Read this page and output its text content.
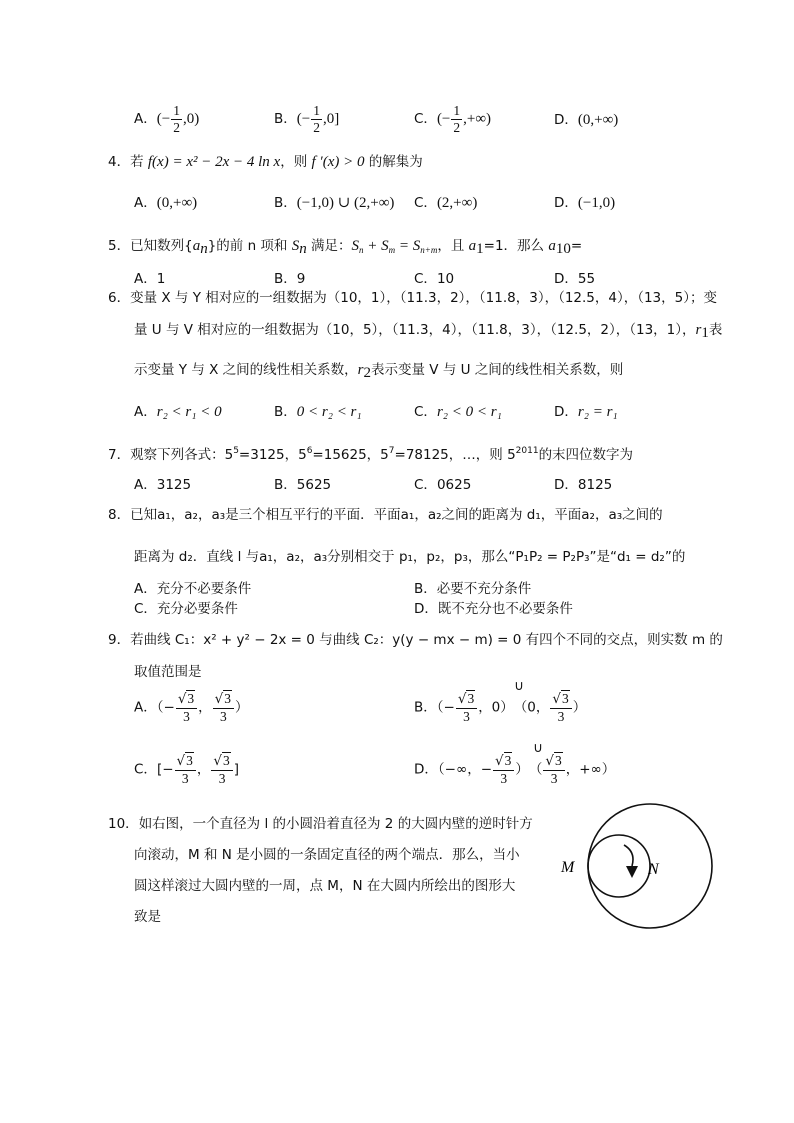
A．(− $\frac{1}{2} ,0$)	B．(− $\frac{1}{2} ,0$]	C．(− $\frac{1}{2}$ ,+∞)	D．(0,+∞)
4．若 f(x) = x² − 2x − 4 ln x，则 f ′(x) > 0 的解集为
A．(0,+∞)	B．(−1,0) ∪ (2,+∞) C．(2,+∞)	D．(−1,0)
5．已知数列$\{a_n\}$的前 n 项和 $S_n$ 满足：$S_n + S_m = S_{n+m}$，且 $a_1=1$．那么 $a_{10}=$
A．1	B．9	C．10	D．55
6．变量 X 与 Y 相对应的一组数据为（10，1），（11.3，2），（11.8，3），（12.5，4），（13，5）；变
量 U 与 V 相对应的一组数据为（10，5），（11.3，4），（11.8，3），（12.5，2），（13，1），$r_1$表
示变量 Y 与 X 之间的线性相关系数，$r_2$表示变量 V 与 U 之间的线性相关系数，则
A．r₂ < r₁ < 0	B．0 < r₂ < r₁	C．r₂ < 0 < r₁	D．r₂ = r₁
7．观察下列各式：$5^5=3125$，$5^6=15625$，$5^7=78125$，…，则 $5^{2011}$的末四位数字为
A．3125	B．5625	C．0625	D．8125
8．已知a₁，a₂，a₃是三个相互平行的平面．平面a₁，a₂之间的距离为 d₁，平面a₂，a₃之间的
距离为 d₂．直线 l 与a₁，a₂，a₃分别相交于 p₁，p₂，p₃，那么“P₁P₂ = P₂P₃”是“d₁ = d₂”的
A．充分不必要条件	B．必要不充分条件
C．充分必要条件	D．既不充分也不必要条件
9．若曲线 C₁：x² + y² − 2x = 0 与曲线 C₂：y(y − mx − m) = 0 有四个不同的交点，则实数 m 的
取值范围是
A．（− $\frac{√3}{3}$ ， $\frac{√3}{3}$ ）
∪
B．（− $\frac{√3}{3}$ ，0）　（0， $\frac{√3}{3}$ ）
C．[− $\frac{√3}{3}$ ， $\frac{√3}{3}$ ]
∪
D．（−∞，− $\frac{√3}{3}$ ）　（ $\frac{√3}{3}$ ，+∞）
10．如右图，一个直径为 l 的小圆沿着直径为 2 的大圆内壁的逆时针方
向滚动，M 和 N 是小圆的一条固定直径的两个端点．那么，当小
圆这样滚过大圆内壁的一周，点 M，N 在大圆内所绘出的图形大
致是
M	N
